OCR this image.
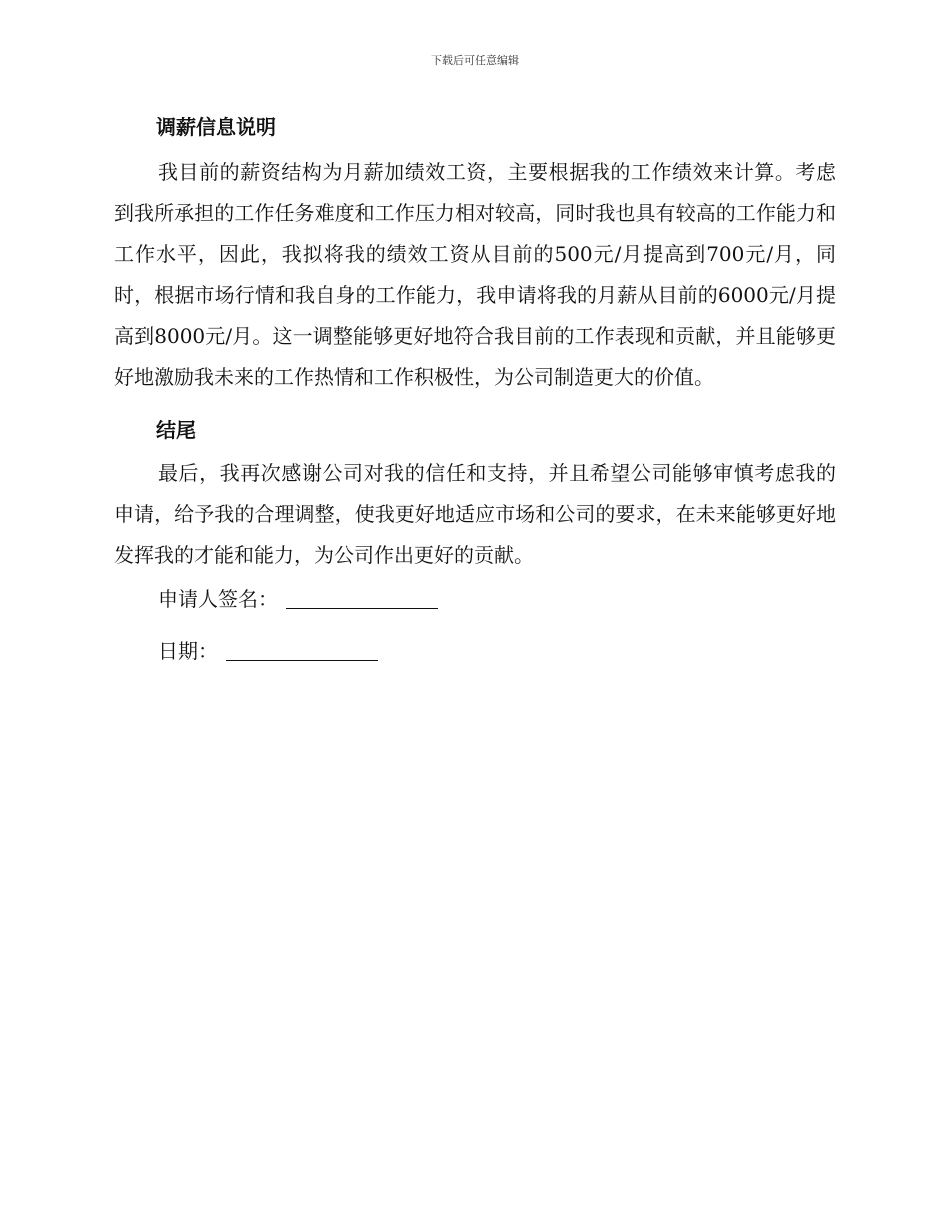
下载后可任意编辑
调薪信息说明

我目前的薪资结构为月薪加绩效工资，主要根据我的工作绩效来计算。考虑到我所承担的工作任务难度和工作压力相对较高，同时我也具有较高的工作能力和工作水平，因此，我拟将我的绩效工资从目前的500元/月提高到700元/月，同时，根据市场行情和我自身的工作能力，我申请将我的月薪从目前的6000元/月提高到8000元/月。这一调整能够更好地符合我目前的工作表现和贡献，并且能够更好地激励我未来的工作热情和工作积极性，为公司制造更大的价值。

结尾

最后，我再次感谢公司对我的信任和支持，并且希望公司能够审慎考虑我的申请，给予我的合理调整，使我更好地适应市场和公司的要求，在未来能够更好地发挥我的才能和能力，为公司作出更好的贡献。

申请人签名：

日期：
